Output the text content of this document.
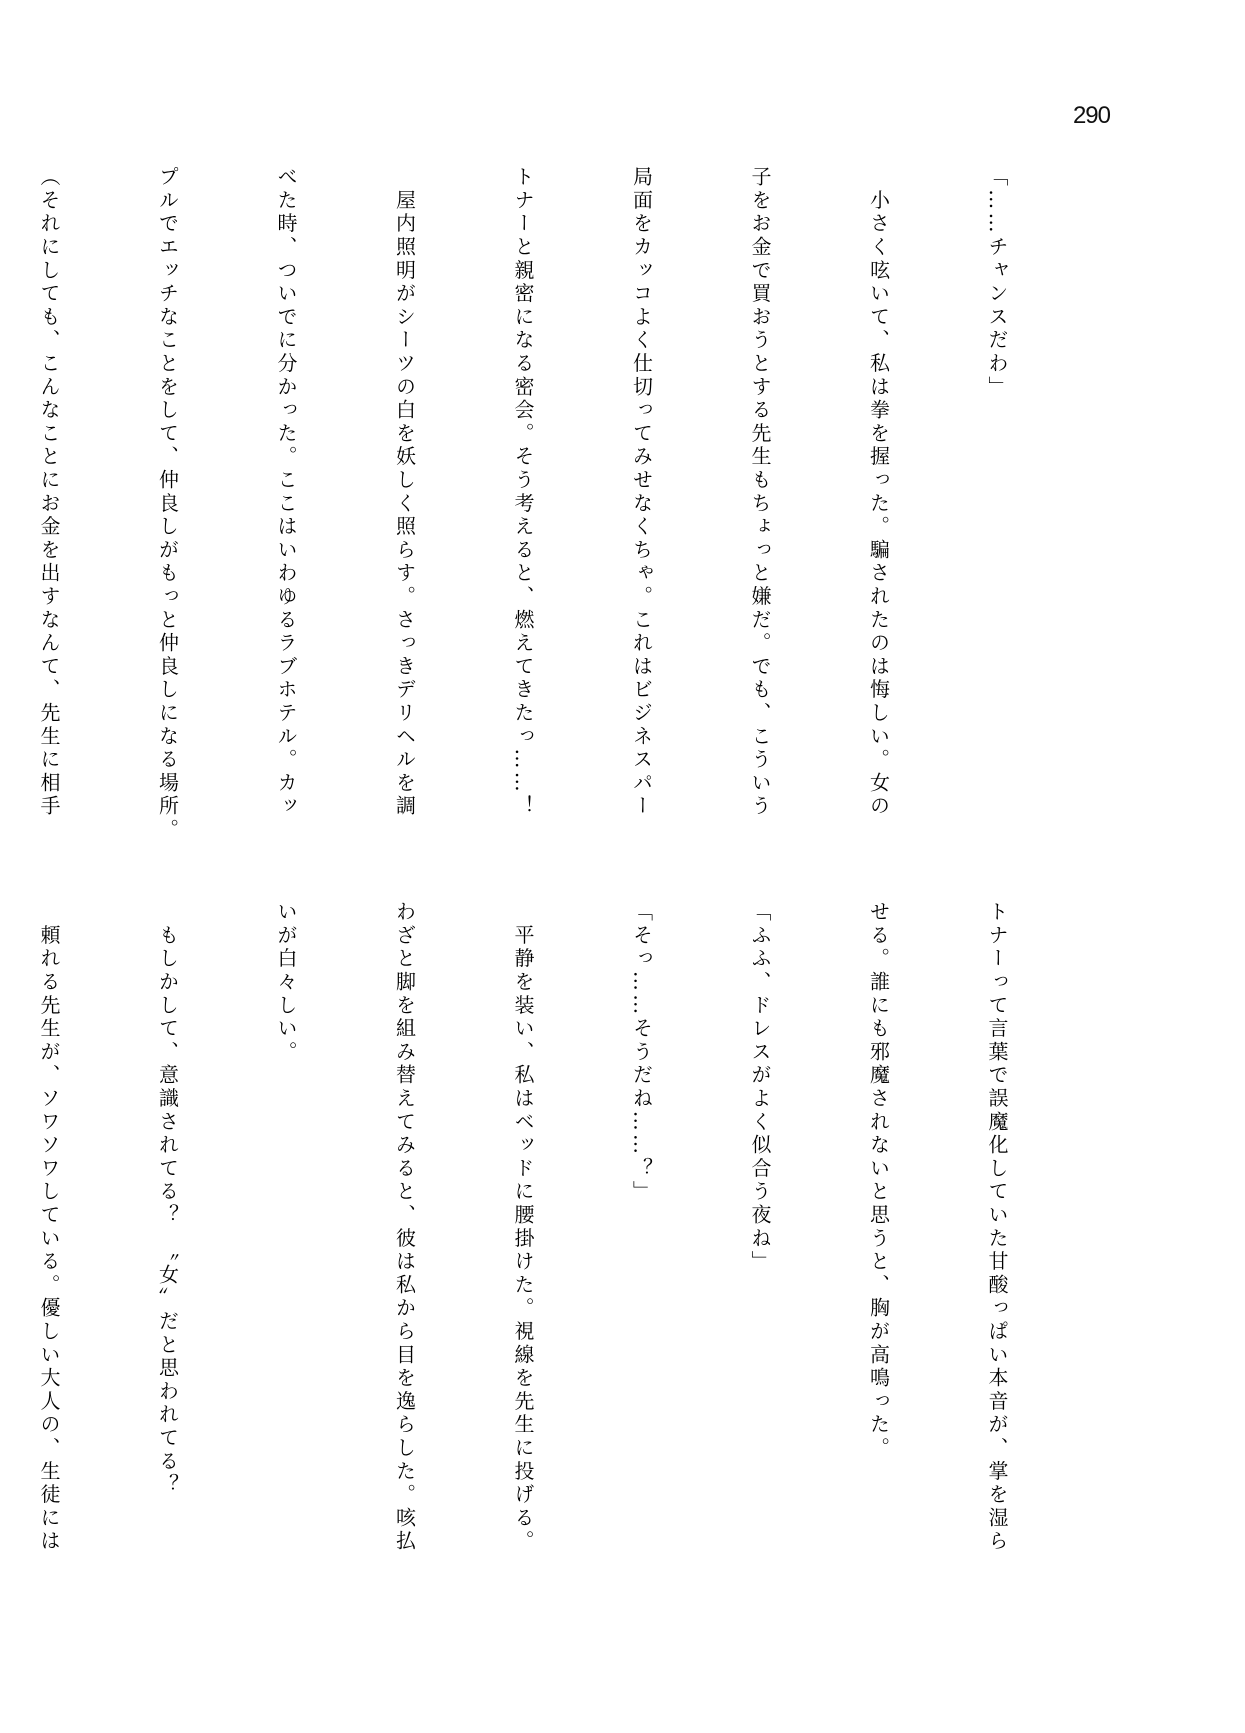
290

「……チャンスだわ」

　小さく呟いて、私は拳を握った。騙されたのは悔しい。女の

子をお金で買おうとする先生もちょっと嫌だ。でも、こういう

局面をカッコよく仕切ってみせなくちゃ。これはビジネスパー

トナーと親密になる密会。そう考えると、燃えてきたっ……！

　屋内照明がシーツの白を妖しく照らす。さっきデリヘルを調

べた時、ついでに分かった。ここはいわゆるラブホテル。カッ

プルでエッチなことをして、仲良しがもっと仲良しになる場所。

（それにしても、こんなことにお金を出すなんて、先生に相手

トナーって言葉で誤魔化していた甘酸っぱい本音が、掌を湿ら

せる。誰にも邪魔されないと思うと、胸が高鳴った。

「ふふ、ドレスがよく似合う夜ね」

「そっ……そうだね……？」

　平静を装い、私はベッドに腰掛けた。視線を先生に投げる。

わざと脚を組み替えてみると、彼は私から目を逸らした。咳払

いが白々しい。

　もしかして、意識されてる？　〝女〟だと思われてる？

　頼れる先生が、ソワソワしている。優しい大人の、生徒には
